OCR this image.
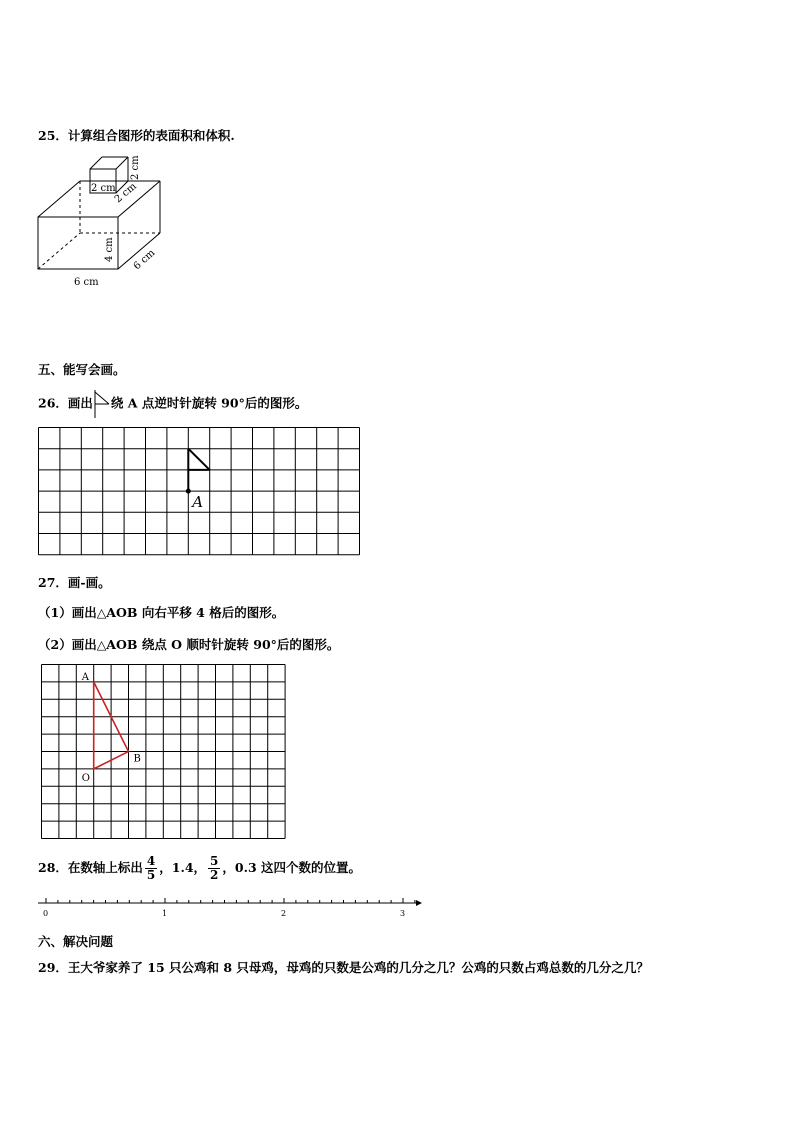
25．计算组合图形的表面积和体积.
2 cm
2 cm
2 cm
4 cm 6 cm
6 cm
五、能写会画。
26．画出 绕 A 点逆时针旋转 90°后的图形。
A
27．画-画。
（1）画出△AOB 向右平移 4 格后的图形。
（2）画出△AOB 绕点 O 顺时针旋转 90°后的图形。
A
B
O
28．在数轴上标出 $\frac{4}{5}$ ，1.4， $\frac{5}{2}$ ，0.3 这四个数的位置。
0	1	2	3
六、解决问题
29．王大爷家养了 15 只公鸡和 8 只母鸡，母鸡的只数是公鸡的几分之几？公鸡的只数占鸡总数的几分之几？
